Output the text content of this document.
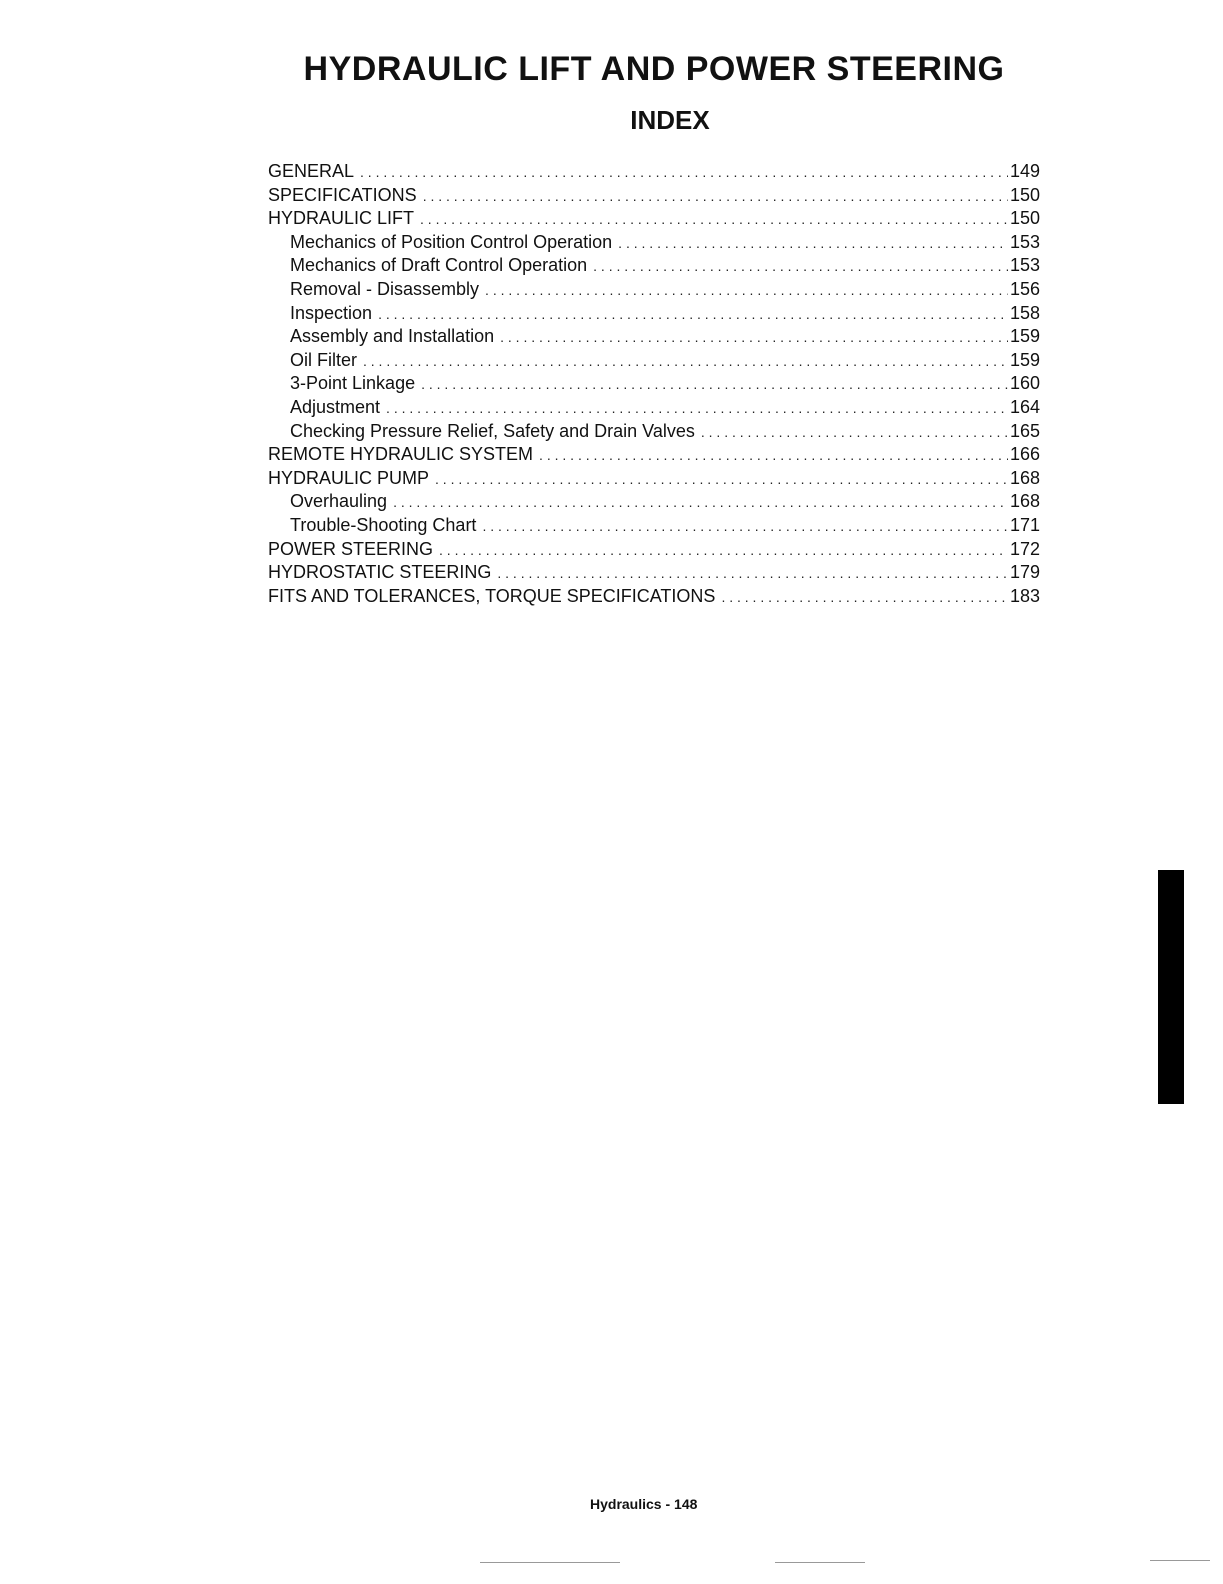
HYDRAULIC LIFT AND POWER STEERING
INDEX
GENERAL . . .	149
SPECIFICATIONS . . .	150
HYDRAULIC LIFT . . .	150
Mechanics of Position Control Operation . . .	153
Mechanics of Draft Control Operation . . .	153
Removal - Disassembly . . .	156
Inspection . . .	158
Assembly and Installation . . .	159
Oil Filter . . .	159
3-Point Linkage . . .	160
Adjustment . . .	164
Checking Pressure Relief, Safety and Drain Valves . . .	165
REMOTE HYDRAULIC SYSTEM . . .	166
HYDRAULIC PUMP . . .	168
Overhauling . . .	168
Trouble-Shooting Chart . . .	171
POWER STEERING . . .	172
HYDROSTATIC STEERING . . .	179
FITS AND TOLERANCES, TORQUE SPECIFICATIONS . . .	183
Hydraulics - 148
